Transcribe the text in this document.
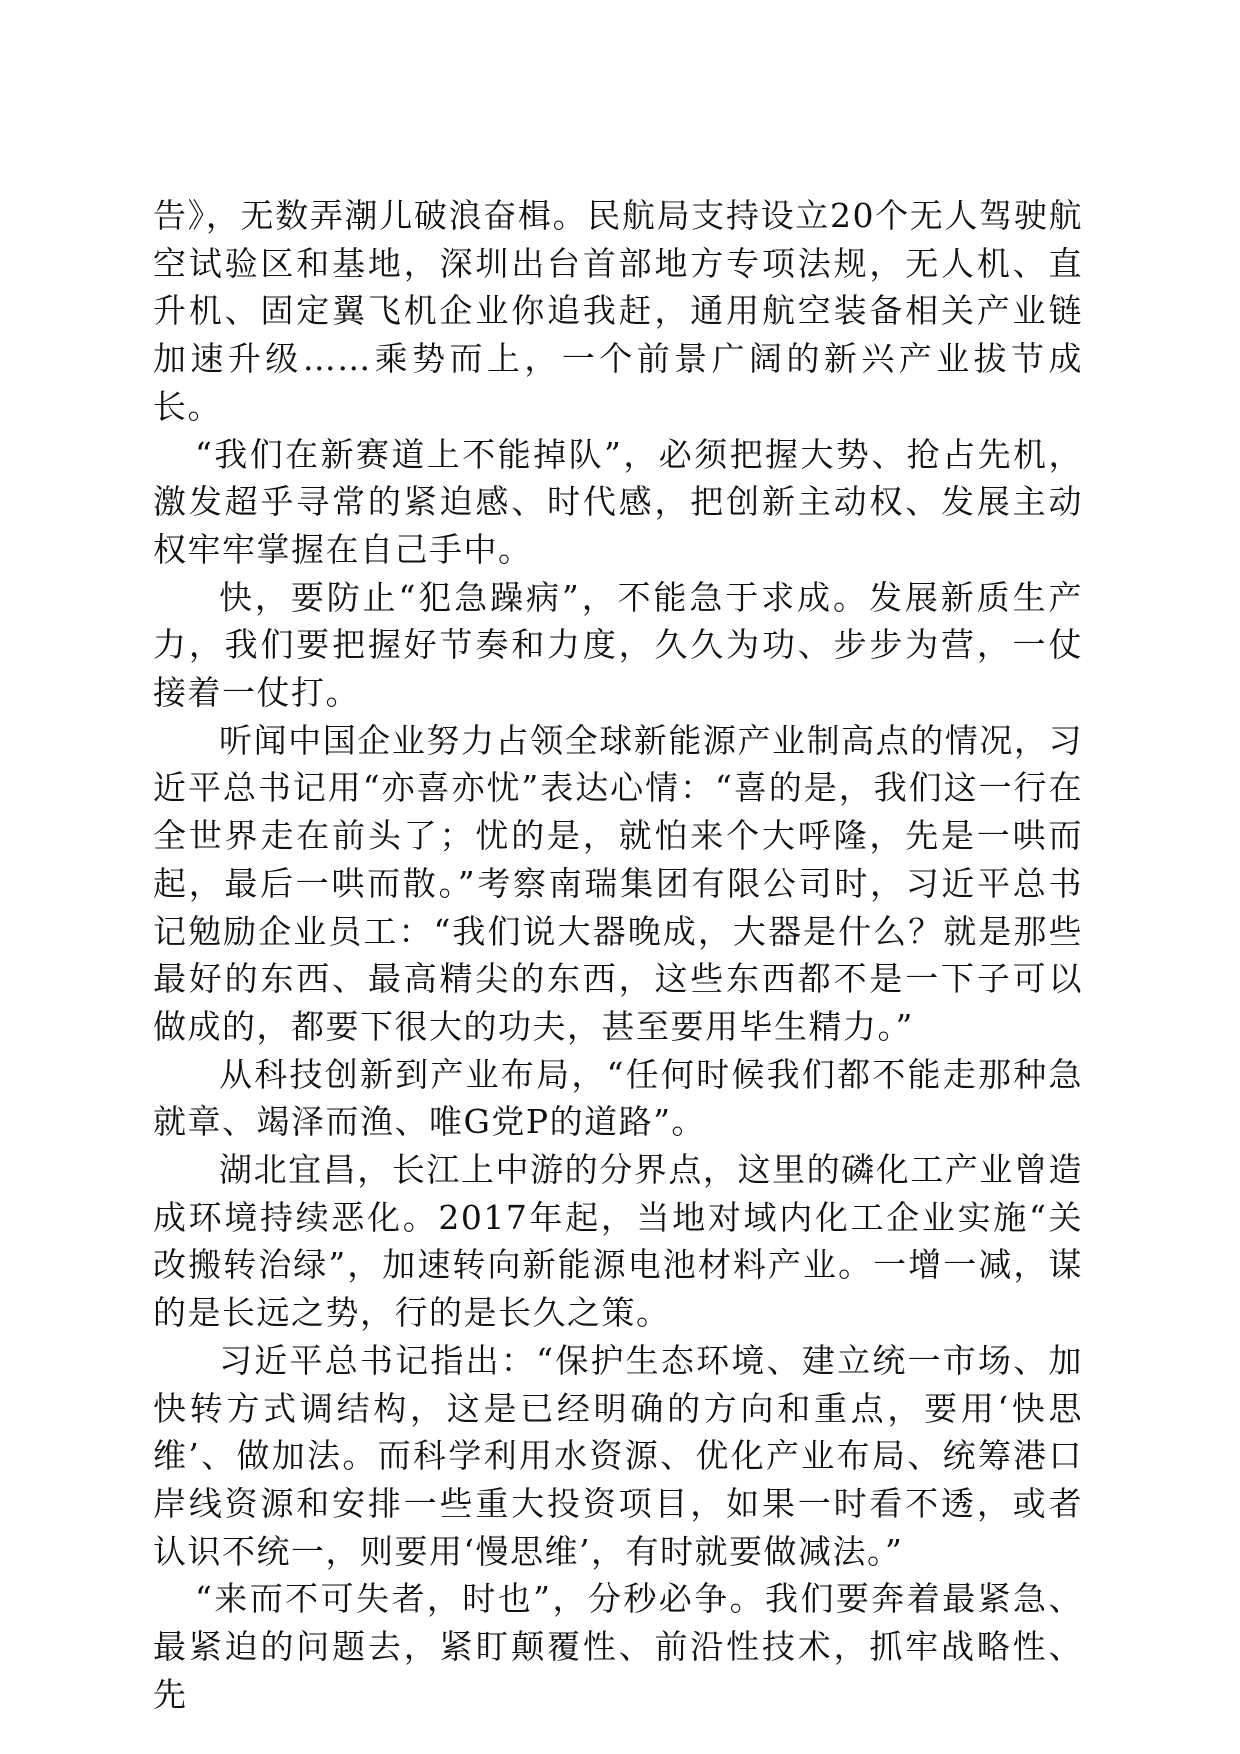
告》，无数弄潮儿破浪奋楫。民航局支持设立20个无人驾驶航空试验区和基地，深圳出台首部地方专项法规，无人机、直升机、固定翼飞机企业你追我赶，通用航空装备相关产业链加速升级……乘势而上，一个前景广阔的新兴产业拔节成长。

“我们在新赛道上不能掉队”，必须把握大势、抢占先机，激发超乎寻常的紧迫感、时代感，把创新主动权、发展主动权牢牢掌握在自己手中。

快，要防止“犯急躁病”，不能急于求成。发展新质生产力，我们要把握好节奏和力度，久久为功、步步为营，一仗接着一仗打。

听闻中国企业努力占领全球新能源产业制高点的情况，习近平总书记用“亦喜亦忧”表达心情：“喜的是，我们这一行在全世界走在前头了；忧的是，就怕来个大呼隆，先是一哄而起，最后一哄而散。”考察南瑞集团有限公司时，习近平总书记勉励企业员工：“我们说大器晚成，大器是什么？就是那些最好的东西、最高精尖的东西，这些东西都不是一下子可以做成的，都要下很大的功夫，甚至要用毕生精力。”

从科技创新到产业布局，“任何时候我们都不能走那种急就章、竭泽而渔、唯G党P的道路”。

湖北宜昌，长江上中游的分界点，这里的磷化工产业曾造成环境持续恶化。2017年起，当地对域内化工企业实施“关改搬转治绿”，加速转向新能源电池材料产业。一增一减，谋的是长远之势，行的是长久之策。

习近平总书记指出：“保护生态环境、建立统一市场、加快转方式调结构，这是已经明确的方向和重点，要用‘快思维’、做加法。而科学利用水资源、优化产业布局、统筹港口岸线资源和安排一些重大投资项目，如果一时看不透，或者认识不统一，则要用‘慢思维’，有时就要做减法。”

“来而不可失者，时也”，分秒必争。我们要奔着最紧急、最紧迫的问题去，紧盯颠覆性、前沿性技术，抓牢战略性、先
